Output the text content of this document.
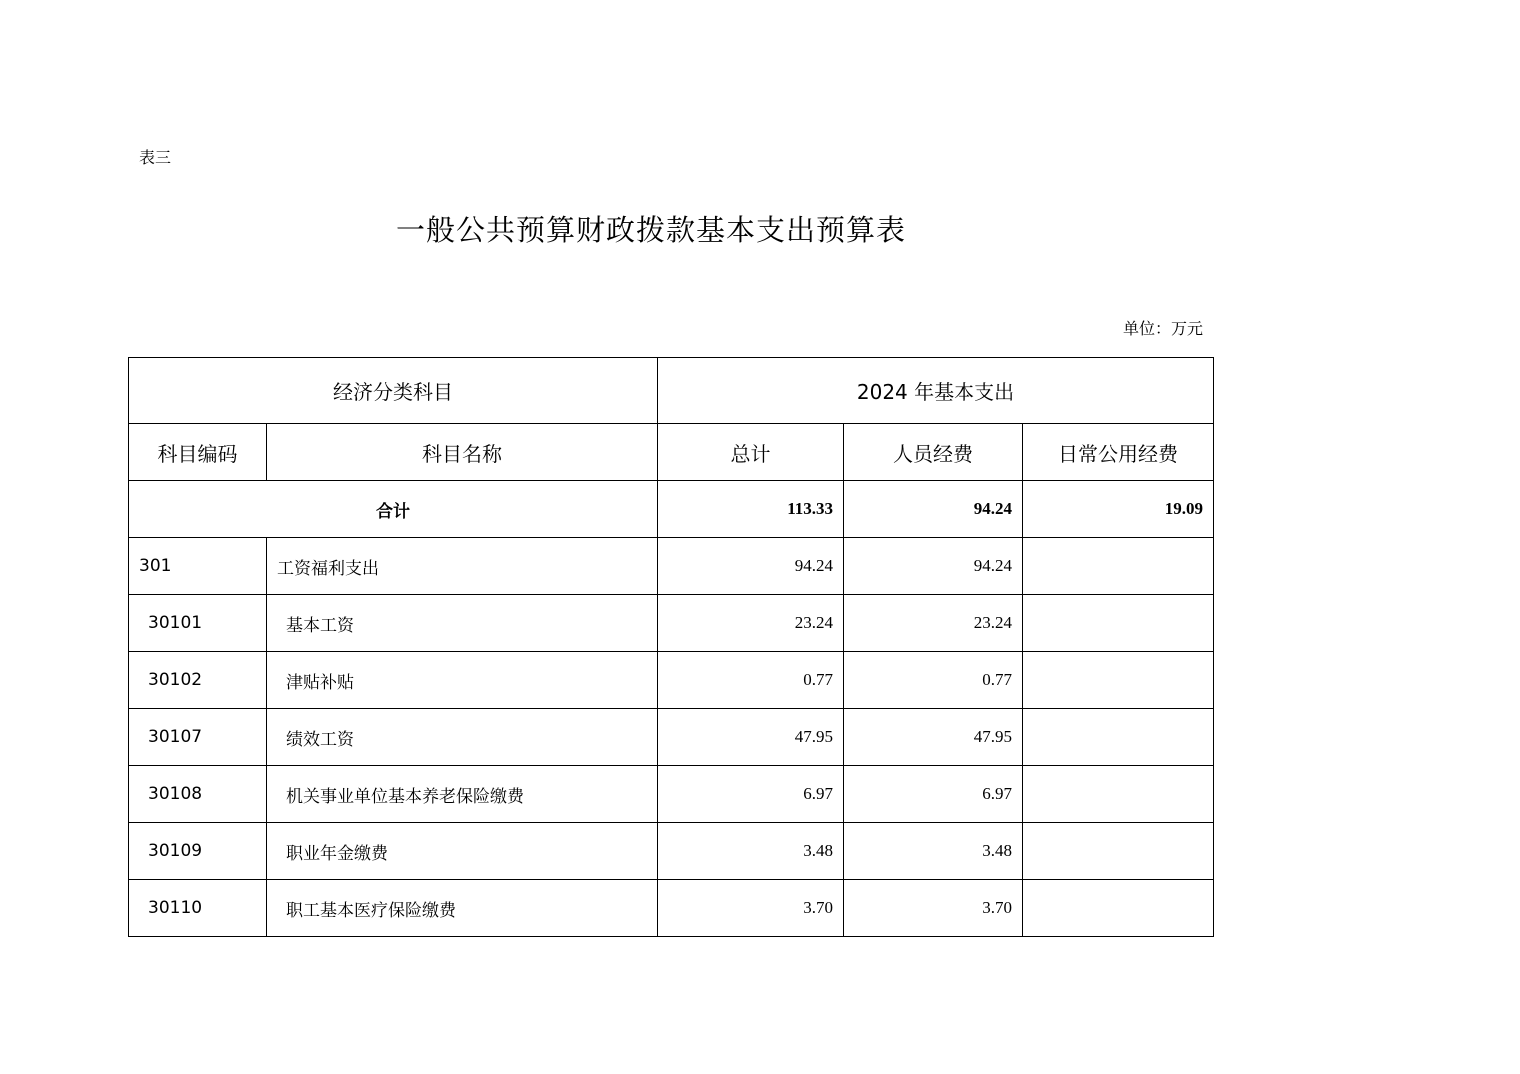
表三
一般公共预算财政拨款基本支出预算表
单位：万元
经济分类科目		2024 年基本支出		
科目编码	科目名称	总计	人员经费	日常公用经费
合计		113.33	94.24	19.09
301	工资福利支出	94.24	94.24	
30101	基本工资	23.24	23.24	
30102	津贴补贴	0.77	0.77	
30107	绩效工资	47.95	47.95	
30108	机关事业单位基本养老保险缴费	6.97	6.97	
30109	职业年金缴费	3.48	3.48	
30110	职工基本医疗保险缴费	3.70	3.70	
